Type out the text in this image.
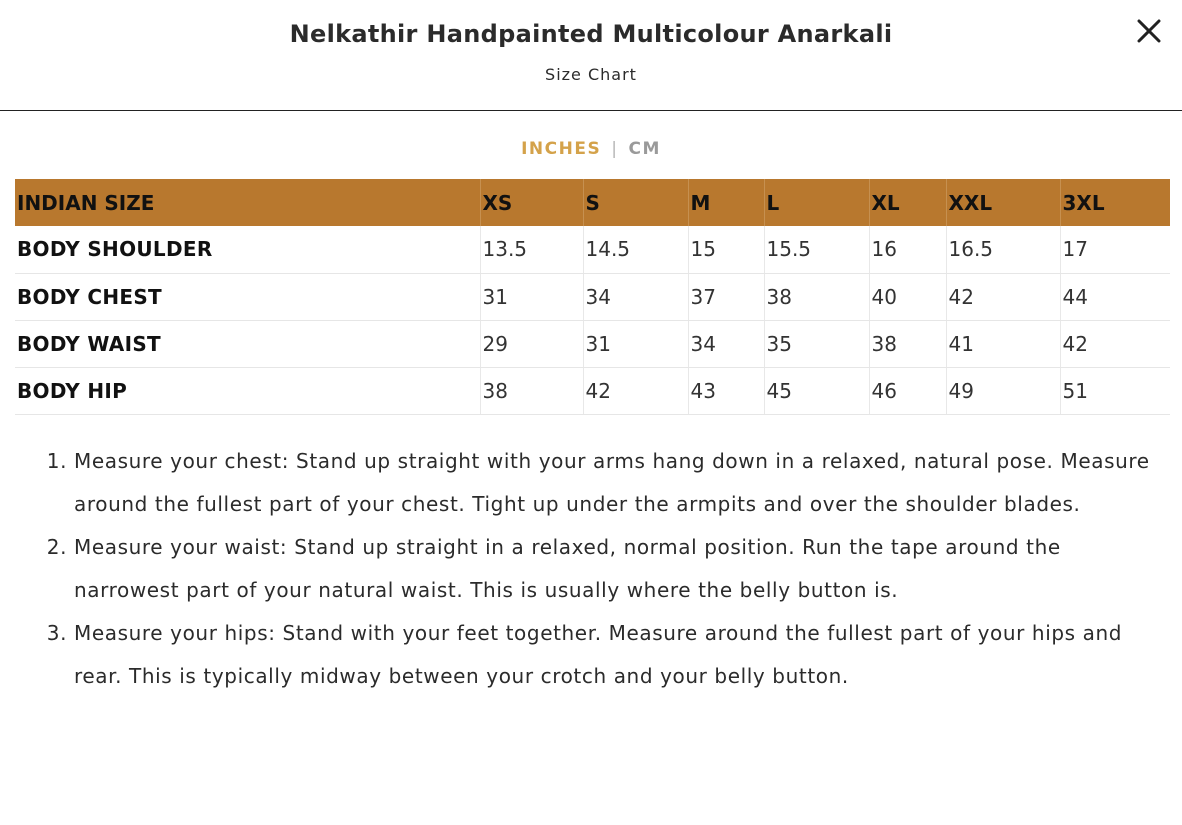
Nelkathir Handpainted Multicolour Anarkali
Size Chart
INCHES | CM
INDIAN SIZE	XS	S	M	L	XL	XXL	3XL
BODY SHOULDER	13.5	14.5	15	15.5	16	16.5	17
BODY CHEST	31	34	37	38	40	42	44
BODY WAIST	29	31	34	35	38	41	42
BODY HIP	38	42	43	45	46	49	51
1. Measure your chest: Stand up straight with your arms hang down in a relaxed, natural pose. Measure around the fullest part of your chest. Tight up under the armpits and over the shoulder blades.
2. Measure your waist: Stand up straight in a relaxed, normal position. Run the tape around the narrowest part of your natural waist. This is usually where the belly button is.
3. Measure your hips: Stand with your feet together. Measure around the fullest part of your hips and rear. This is typically midway between your crotch and your belly button.
